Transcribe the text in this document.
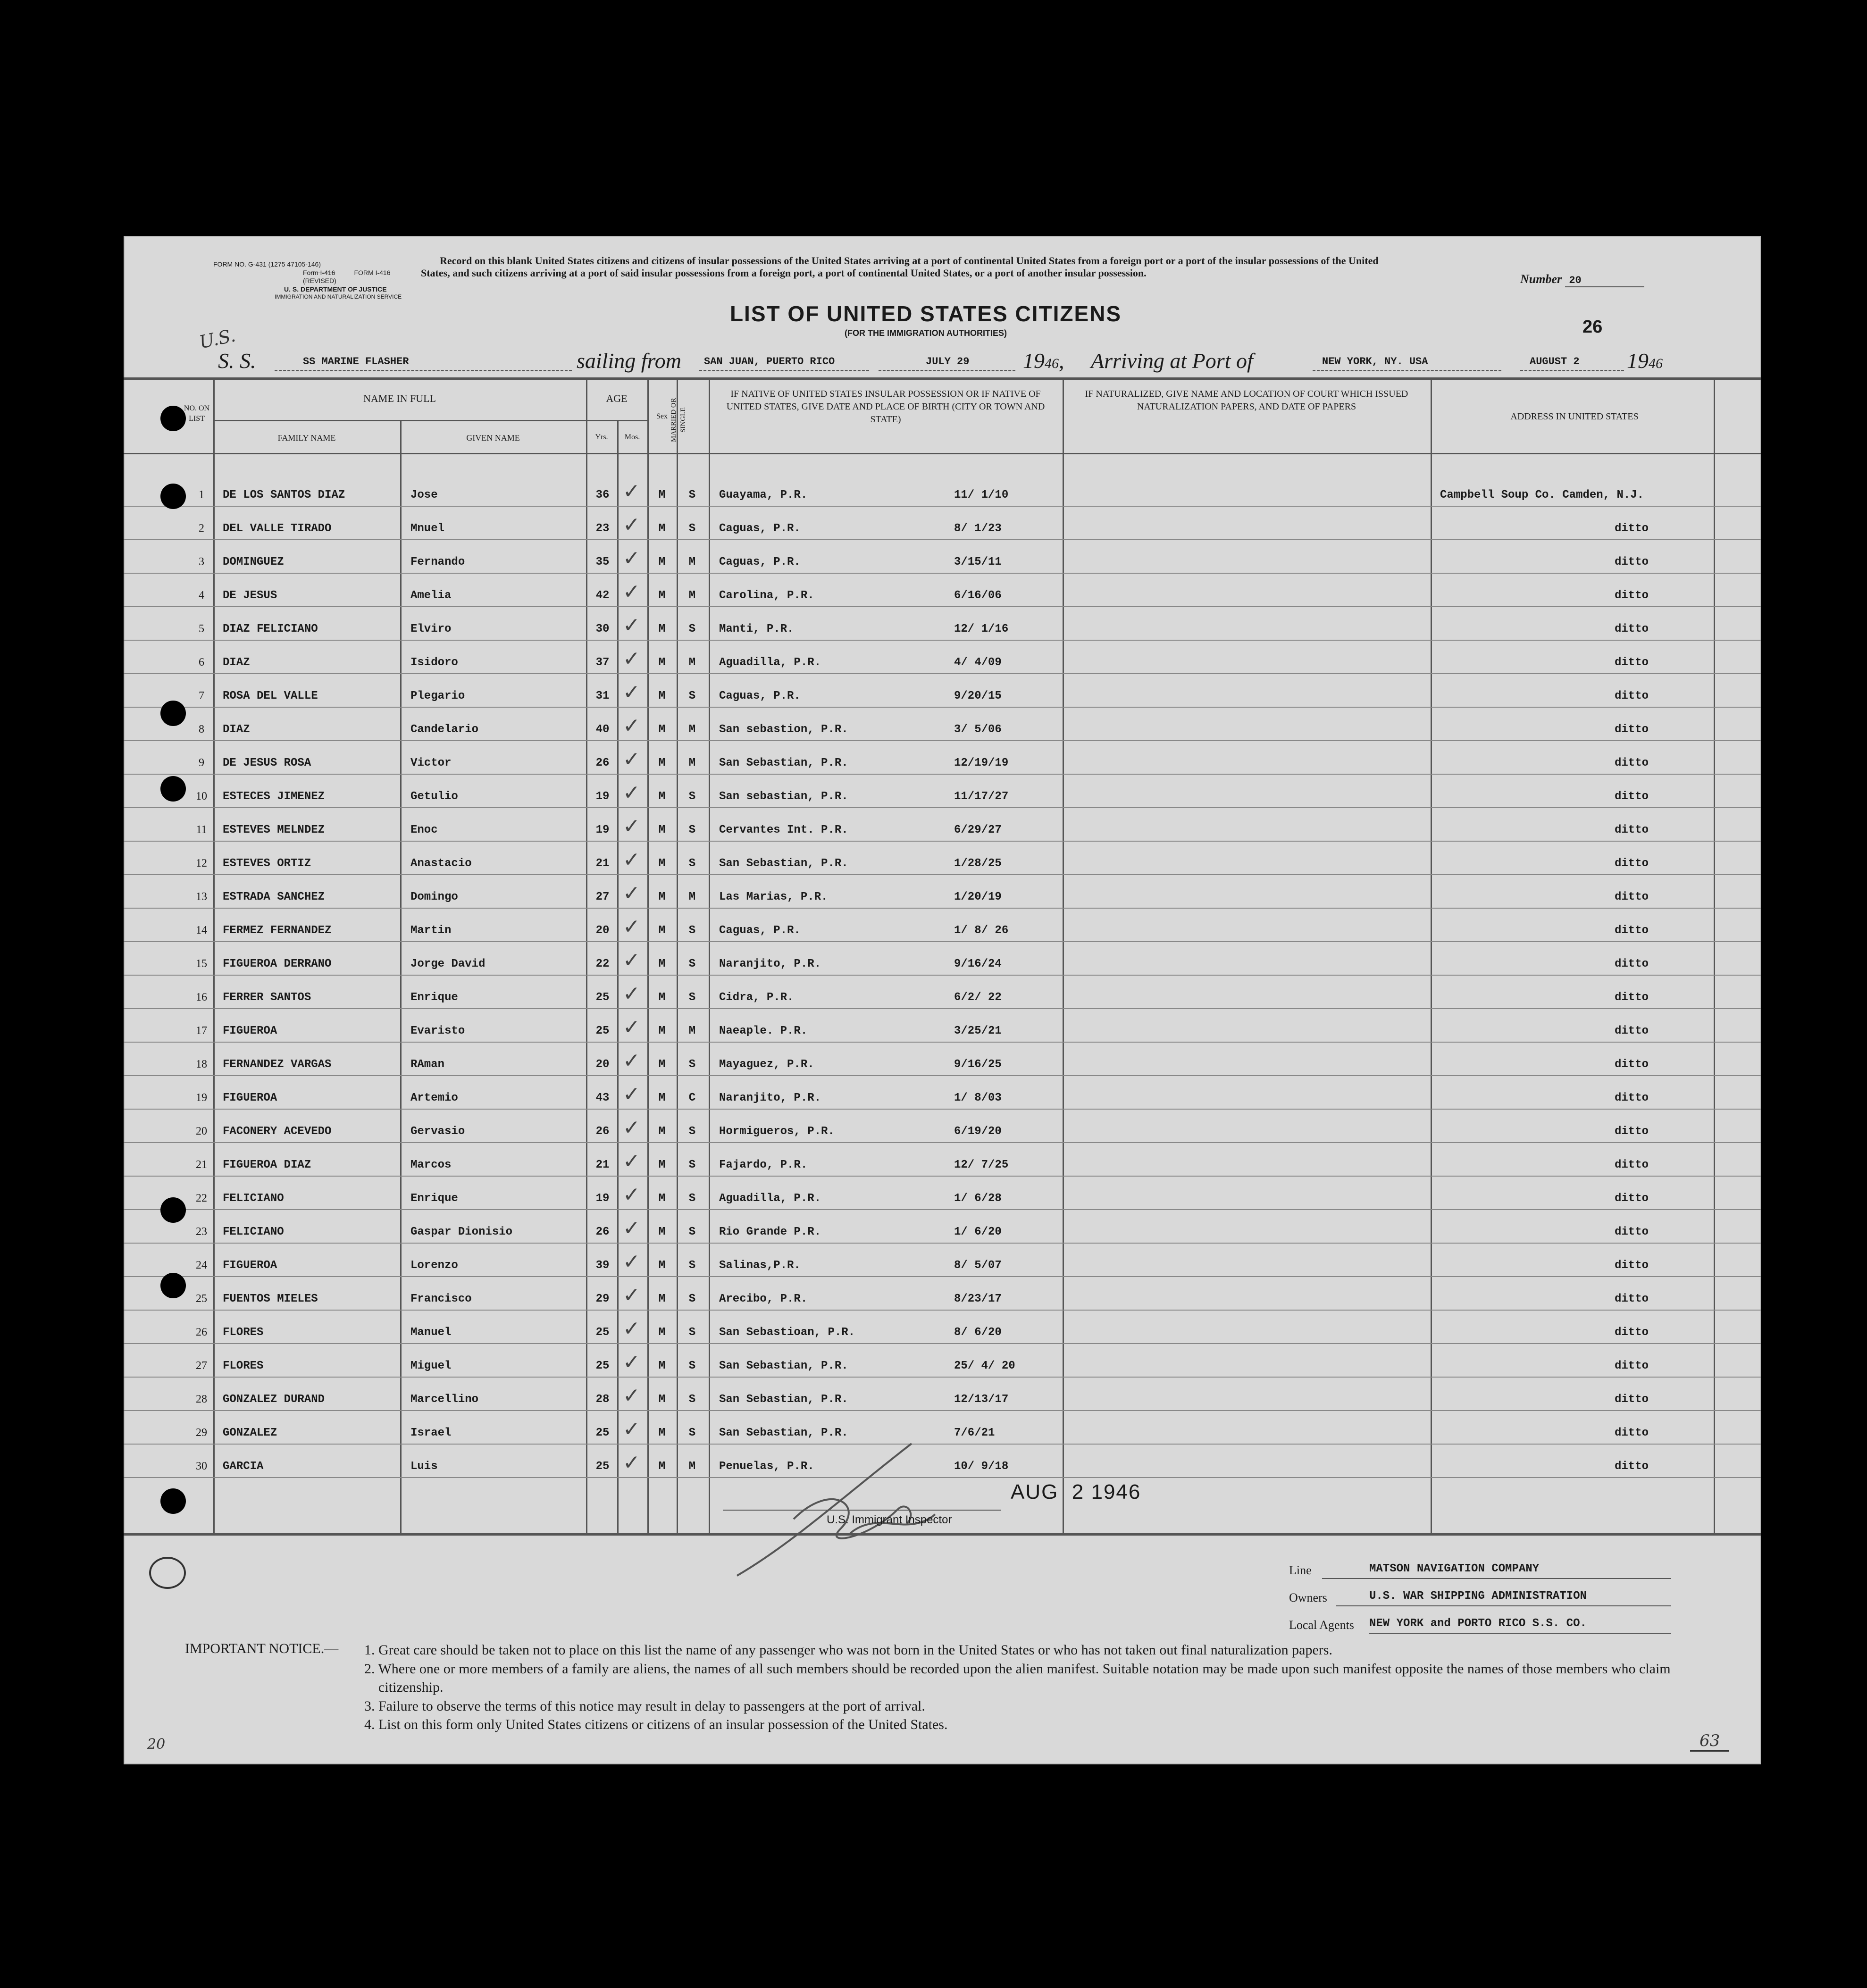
FORM NO. G-431 (1275 47105-146)
Form I-416	FORM I-416
(REVISED)
U. S. DEPARTMENT OF JUSTICE
IMMIGRATION AND NATURALIZATION SERVICE
Record on this blank United States citizens and citizens of insular possessions of the United States arriving at a port of continental United States from a foreign port or a port of the insular possessions of the United States, and such citizens arriving at a port of said insular possessions from a foreign port, a port of continental United States, or a port of another insular possession.	Number 20
LIST OF UNITED STATES CITIZENS
(FOR THE IMMIGRATION AUTHORITIES)	26
U.S.
S. S.	SS MARINE FLASHER	sailing from SAN JUAN, PUERTO RICO	JULY 29 1946, Arriving at Port of	NEW YORK, NY. USA	AUGUST 2 1946
NO. ON LIST
NAME IN FULL
FAMILY NAME	GIVEN NAME
AGE
Yrs.	Mos.
Sex MARRIED OR SINGLE
IF NATIVE OF UNITED STATES INSULAR POSSESSION OR IF NATIVE OF UNITED STATES, GIVE DATE AND PLACE OF BIRTH (CITY OR TOWN AND STATE)
IF NATURALIZED, GIVE NAME AND LOCATION OF COURT WHICH ISSUED NATURALIZATION PAPERS, AND DATE OF PAPERS
ADDRESS IN UNITED STATES
1	DE LOS SANTOS DIAZ	Jose	36	M	S	Guayama, P.R.	11/ 1/10	Campbell Soup Co. Camden, N.J.
✓
2	DEL VALLE TIRADO	Mnuel	23	M	S	Caguas, P.R.	8/ 1/23	ditto
✓
3	DOMINGUEZ	Fernando	35	M	M	Caguas, P.R.	3/15/11	ditto
✓
4	DE JESUS	Amelia	42	M	M	Carolina, P.R.	6/16/06	ditto
✓
5	DIAZ FELICIANO	Elviro	30	M	S	Manti, P.R.	12/ 1/16	ditto
✓
6	DIAZ	Isidoro	37	M	M	Aguadilla, P.R.	4/ 4/09	ditto
✓
7	ROSA DEL VALLE	Plegario	31	M	S	Caguas, P.R.	9/20/15	ditto
✓
8	DIAZ	Candelario	40	M	M	San sebastion, P.R.	3/ 5/06	ditto
✓
9	DE JESUS ROSA	Victor	26	M	M	San Sebastian, P.R.	12/19/19	ditto
✓
10	ESTECES JIMENEZ	Getulio	19	M	S	San sebastian, P.R.	11/17/27	ditto
✓
11	ESTEVES MELNDEZ	Enoc	19	M	S	Cervantes Int. P.R.	6/29/27	ditto
✓
12	ESTEVES ORTIZ	Anastacio	21	M	S	San Sebastian, P.R.	1/28/25	ditto
✓
13	ESTRADA SANCHEZ	Domingo	27	M	M	Las Marias, P.R.	1/20/19	ditto
✓
14	FERMEZ FERNANDEZ	Martin	20	M	S	Caguas, P.R.	1/ 8/ 26	ditto
✓
15	FIGUEROA DERRANO	Jorge David	22	M	S	Naranjito, P.R.	9/16/24	ditto
✓
16	FERRER SANTOS	Enrique	25	M	S	Cidra, P.R.	6/2/ 22	ditto
✓
17	FIGUEROA	Evaristo	25	M	M	Naeaple. P.R.	3/25/21	ditto
✓
18	FERNANDEZ VARGAS	RAman	20	M	S	Mayaguez, P.R.	9/16/25	ditto
✓
19	FIGUEROA	Artemio	43	M	C	Naranjito, P.R.	1/ 8/03	ditto
✓
20	FACONERY ACEVEDO	Gervasio	26	M	S	Hormigueros, P.R.	6/19/20	ditto
✓
21	FIGUEROA DIAZ	Marcos	21	M	S	Fajardo, P.R.	12/ 7/25	ditto
✓
22	FELICIANO	Enrique	19	M	S	Aguadilla, P.R.	1/ 6/28	ditto
✓
23	FELICIANO	Gaspar Dionisio	26	M	S	Rio Grande P.R.	1/ 6/20	ditto
✓
24	FIGUEROA	Lorenzo	39	M	S	Salinas,P.R.	8/ 5/07	ditto
✓
25	FUENTOS MIELES	Francisco	29	M	S	Arecibo, P.R.	8/23/17	ditto
✓
26	FLORES	Manuel	25	M	S	San Sebastioan, P.R.	8/ 6/20	ditto
✓
27	FLORES	Miguel	25	M	S	San Sebastian, P.R.	25/ 4/ 20	ditto
✓
28	GONZALEZ DURAND	Marcellino	28	M	S	San Sebastian, P.R.	12/13/17	ditto
✓
29	GONZALEZ	Israel	25	M	S	San Sebastian, P.R.	7/6/21	ditto
✓
30	GARCIA	Luis	25	M	M	Penuelas, P.R.	10/ 9/18	ditto
✓
AUG  2 1946
U.S. Immigrant Inspector
Line	MATSON NAVIGATION COMPANY
Owners	U.S. WAR SHIPPING ADMINISTRATION
Local Agents NEW YORK and PORTO RICO S.S. CO.
IMPORTANT NOTICE.— 1. Great care should be taken not to place on this list the name of any passenger who was not born in the United States or who has not taken out final naturalization papers.
2. Where one or more members of a family are aliens, the names of all such members should be recorded upon the alien manifest. Suitable notation may be made upon such manifest opposite the names of those members who claim citizenship.
3. Failure to observe the terms of this notice may result in delay to passengers at the port of arrival.
4. List on this form only United States citizens or citizens of an insular possession of the United States.
20	63
